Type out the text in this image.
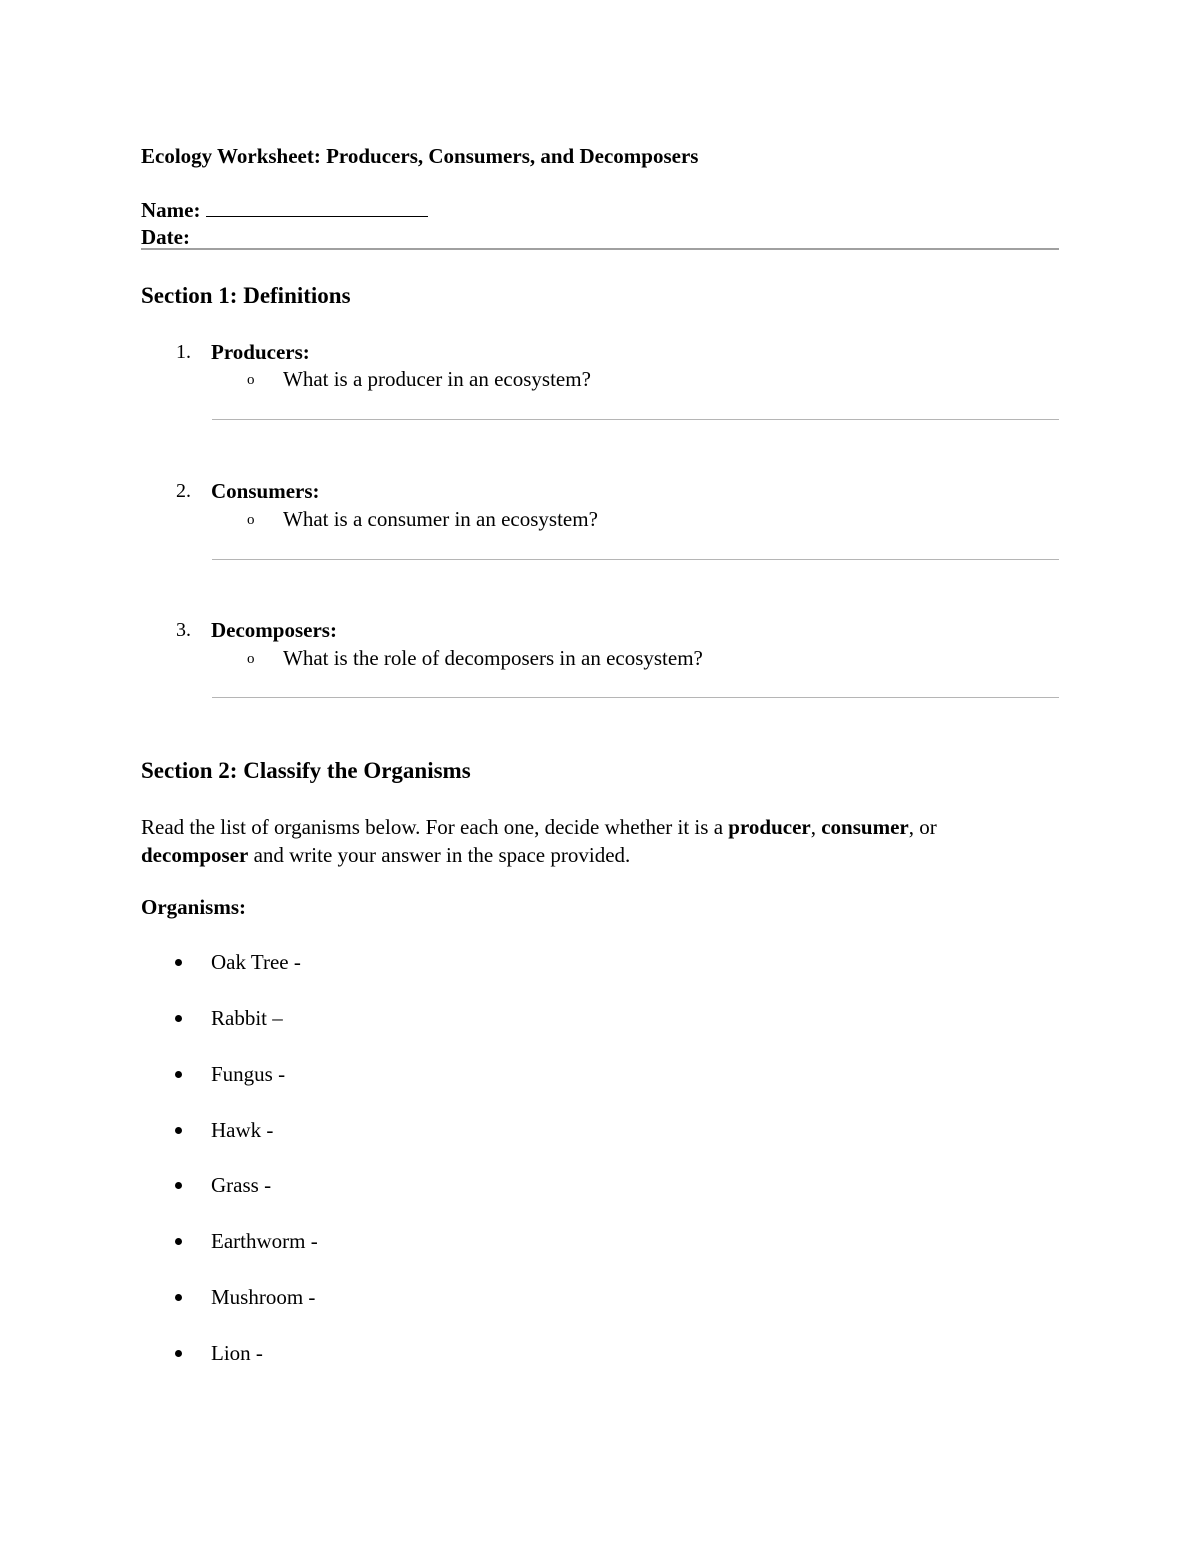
Ecology Worksheet: Producers, Consumers, and Decomposers
Name:
Date:
Section 1: Definitions
1. Producers:
o What is a producer in an ecosystem?
2. Consumers:
o What is a consumer in an ecosystem?
3. Decomposers:
o What is the role of decomposers in an ecosystem?
Section 2: Classify the Organisms
Read the list of organisms below. For each one, decide whether it is a producer, consumer, or
decomposer and write your answer in the space provided.
Organisms:
Oak Tree -
Rabbit –
Fungus -
Hawk -
Grass -
Earthworm -
Mushroom -
Lion -
